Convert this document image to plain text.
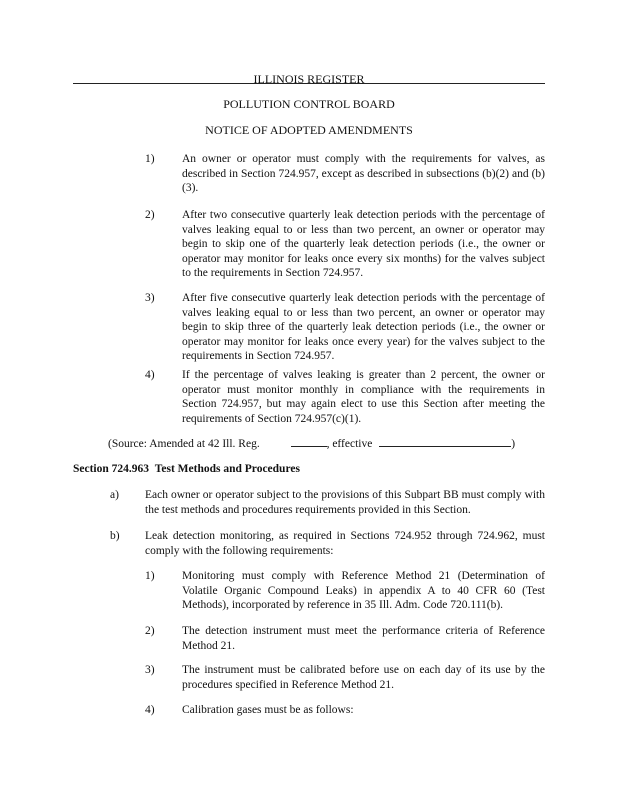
ILLINOIS REGISTER
POLLUTION CONTROL BOARD
NOTICE OF ADOPTED AMENDMENTS
1) An owner or operator must comply with the requirements for valves, as described in Section 724.957, except as described in subsections (b)(2) and (b)(3).
2) After two consecutive quarterly leak detection periods with the percentage of valves leaking equal to or less than two percent, an owner or operator may begin to skip one of the quarterly leak detection periods (i.e., the owner or operator may monitor for leaks once every six months) for the valves subject to the requirements in Section 724.957.
3) After five consecutive quarterly leak detection periods with the percentage of valves leaking equal to or less than two percent, an owner or operator may begin to skip three of the quarterly leak detection periods (i.e., the owner or operator may monitor for leaks once every year) for the valves subject to the requirements in Section 724.957.
4) If the percentage of valves leaking is greater than 2 percent, the owner or operator must monitor monthly in compliance with the requirements in Section 724.957, but may again elect to use this Section after meeting the requirements of Section 724.957(c)(1).
(Source: Amended at 42 Ill. Reg.	, effective	)
Section 724.963 Test Methods and Procedures
a) Each owner or operator subject to the provisions of this Subpart BB must comply with the test methods and procedures requirements provided in this Section.
b) Leak detection monitoring, as required in Sections 724.952 through 724.962, must comply with the following requirements:
1) Monitoring must comply with Reference Method 21 (Determination of Volatile Organic Compound Leaks) in appendix A to 40 CFR 60 (Test Methods), incorporated by reference in 35 Ill. Adm. Code 720.111(b).
2) The detection instrument must meet the performance criteria of Reference Method 21.
3) The instrument must be calibrated before use on each day of its use by the procedures specified in Reference Method 21.
4) Calibration gases must be as follows:
